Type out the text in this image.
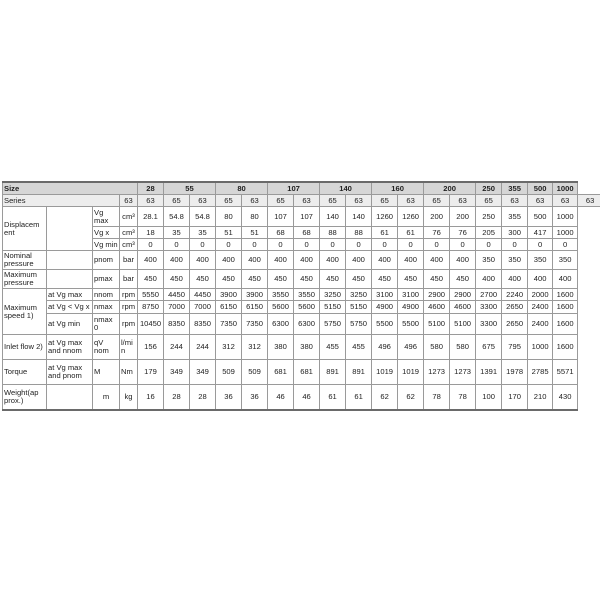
Size				28	55		80		107		140		160		200		250	355	500	1000	
Series			63	63	65	63	65	63	65	63	65	63	65	63	65	63	65	63	63	63	63
Displacem ent		Vg max	cm³	28.1	54.8	54.8	80	80	107	107	140	140	1260	1260	200	200	250	355	500	1000	
		Vg x	cm³	18	35	35	51	51	68	68	88	88	61	61	76	76	205	300	417	1000	
		Vg min	cm³	0	0	0	0	0	0	0	0	0	0	0	0	0	0	0	0	0	
Nominal pressure		pnom	bar	400	400	400	400	400	400	400	400	400	400	400	400	400	350	350	350	350	
Maximum pressure		pmax	bar	450	450	450	450	450	450	450	450	450	450	450	450	450	400	400	400	400	
Maximum speed 1)	at Vg max	nnom	rpm	5550	4450	4450	3900	3900	3550	3550	3250	3250	3100	3100	2900	2900	2700	2240	2000	1600	
	at Vg < Vg x	nmax	rpm	8750	7000	7000	6150	6150	5600	5600	5150	5150	4900	4900	4600	4600	3300	2650	2400	1600	
	at Vg min	nmax 0	rpm	10450	8350	8350	7350	7350	6300	6300	5750	5750	5500	5500	5100	5100	3300	2650	2400	1600	
Inlet flow 2)	at Vg max and nnom	qV nom	l/mi n	156	244	244	312	312	380	380	455	455	496	496	580	580	675	795	1000	1600	
Torque	at Vg max and pnom	M	Nm	179	349	349	509	509	681	681	891	891	1019	1019	1273	1273	1391	1978	2785	5571	
Weight(ap prox.)		m	kg	16	28	28	36	36	46	46	61	61	62	62	78	78	100	170	210	430	
